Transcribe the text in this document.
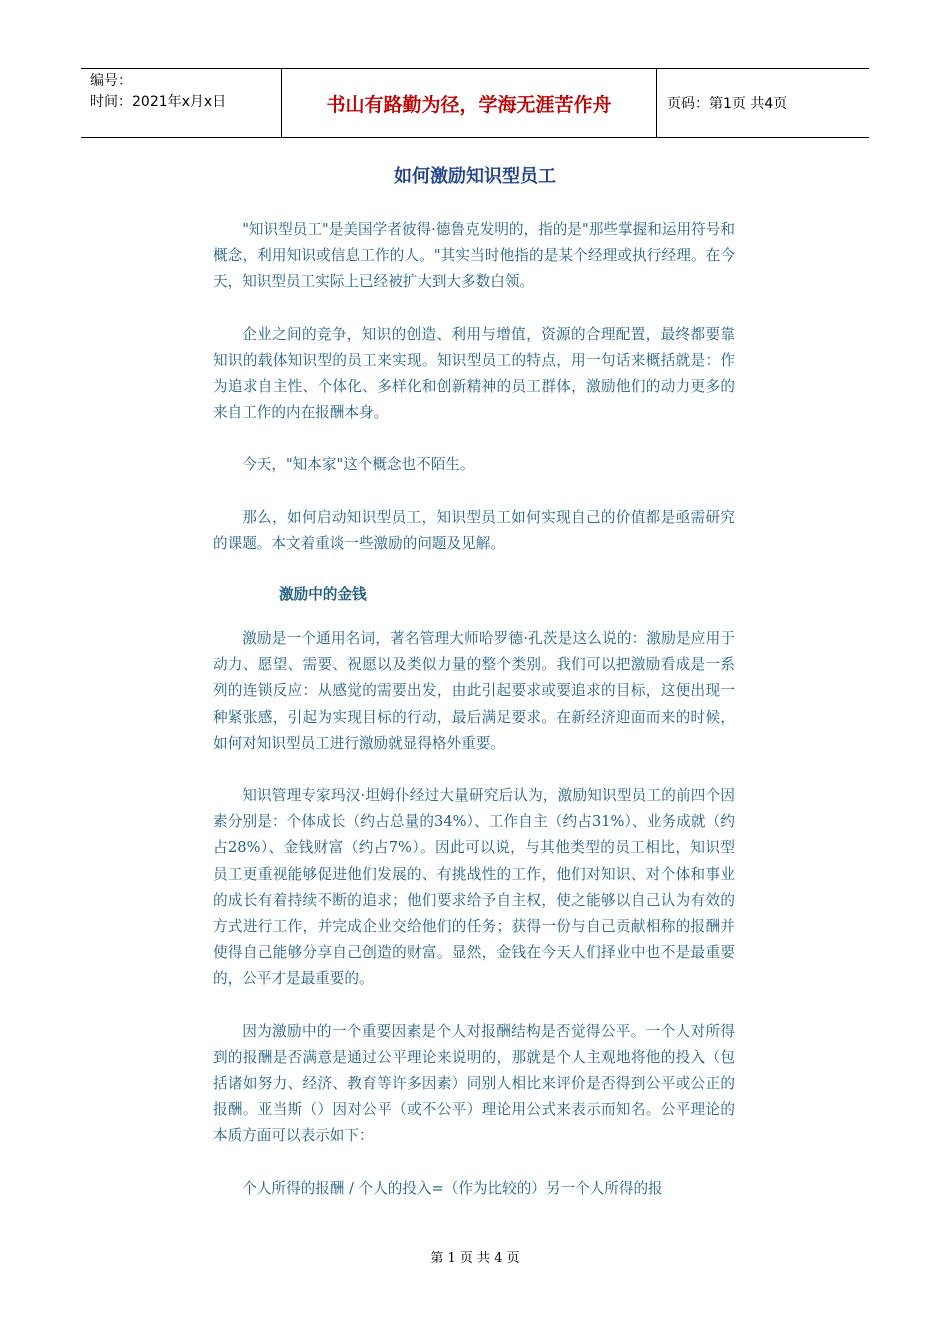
编号：
时间：2021年x月x日	书山有路勤为径，学海无涯苦作舟	页码：第1页 共4页
如何激励知识型员工

"知识型员工"是美国学者彼得·德鲁克发明的，指的是"那些掌握和运用符号和概念，利用知识或信息工作的人。"其实当时他指的是某个经理或执行经理。在今天，知识型员工实际上已经被扩大到大多数白领。

企业之间的竞争，知识的创造、利用与增值，资源的合理配置，最终都要靠知识的载体知识型的员工来实现。知识型员工的特点，用一句话来概括就是：作为追求自主性、个体化、多样化和创新精神的员工群体，激励他们的动力更多的来自工作的内在报酬本身。

今天，"知本家"这个概念也不陌生。

那么，如何启动知识型员工，知识型员工如何实现自己的价值都是亟需研究的课题。本文着重谈一些激励的问题及见解。

激励中的金钱

激励是一个通用名词，著名管理大师哈罗德·孔茨是这么说的：激励是应用于动力、愿望、需要、祝愿以及类似力量的整个类别。我们可以把激励看成是一系列的连锁反应：从感觉的需要出发，由此引起要求或要追求的目标，这便出现一种紧张感，引起为实现目标的行动，最后满足要求。在新经济迎面而来的时候，如何对知识型员工进行激励就显得格外重要。

知识管理专家玛汉·坦姆仆经过大量研究后认为，激励知识型员工的前四个因素分别是：个体成长（约占总量的34%）、工作自主（约占31%）、业务成就（约占28%）、金钱财富（约占7%）。因此可以说，与其他类型的员工相比，知识型员工更重视能够促进他们发展的、有挑战性的工作，他们对知识、对个体和事业的成长有着持续不断的追求；他们要求给予自主权，使之能够以自己认为有效的方式进行工作，并完成企业交给他们的任务；获得一份与自己贡献相称的报酬并使得自己能够分享自己创造的财富。显然，金钱在今天人们择业中也不是最重要的，公平才是最重要的。

因为激励中的一个重要因素是个人对报酬结构是否觉得公平。一个人对所得到的报酬是否满意是通过公平理论来说明的，那就是个人主观地将他的投入（包括诸如努力、经济、教育等许多因素）同别人相比来评价是否得到公平或公正的报酬。亚当斯（）因对公平（或不公平）理论用公式来表示而知名。公平理论的本质方面可以表示如下：

个人所得的报酬 / 个人的投入=（作为比较的）另一个人所得的报

第 1 页 共 4 页
